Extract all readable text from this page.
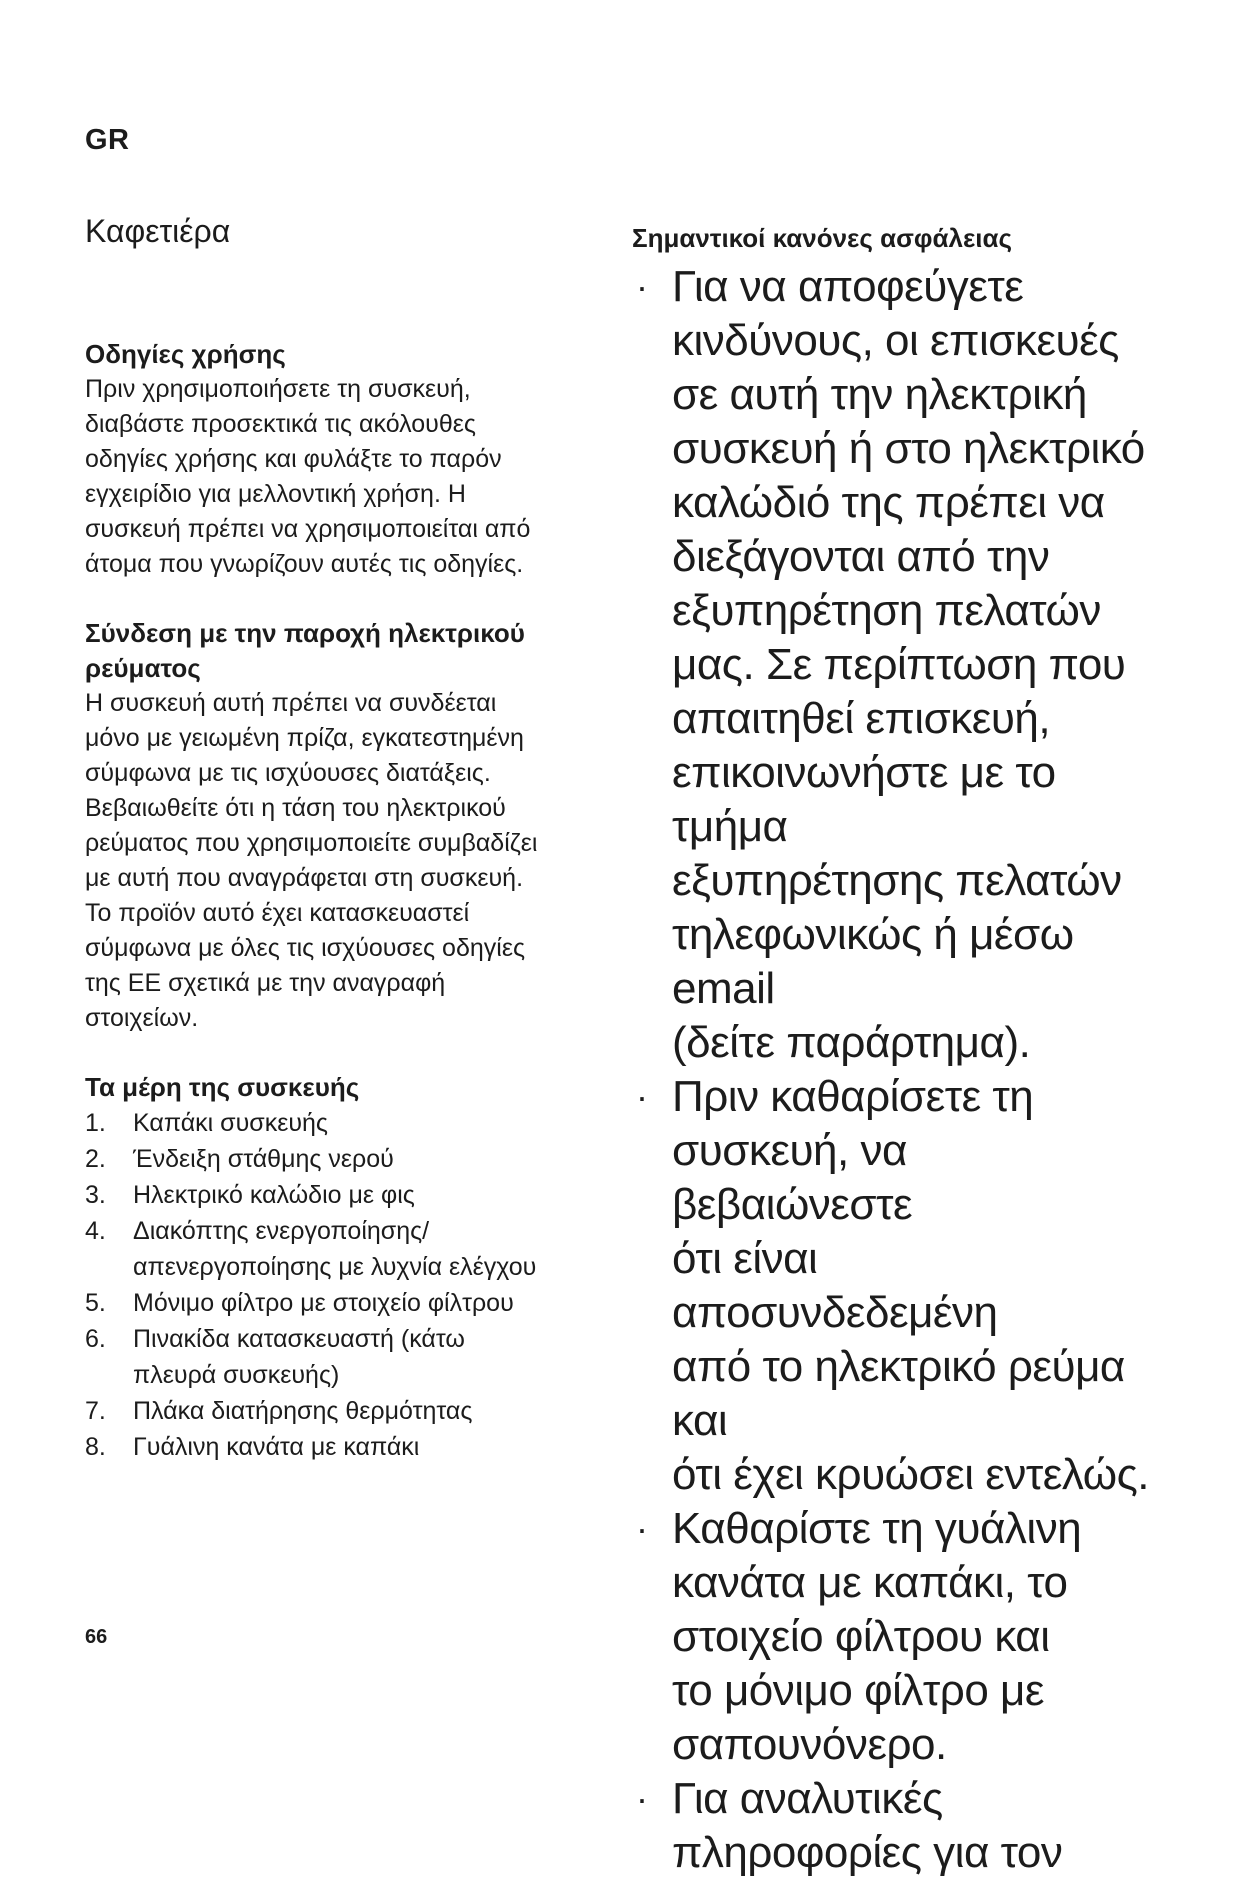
GR
Καφετιέρα
Οδηγίες χρήσης

Πριν χρησιμοποιήσετε τη συσκευή,
διαβάστε προσεκτικά τις ακόλουθες
οδηγίες χρήσης και φυλάξτε το παρόν
εγχειρίδιο για μελλοντική χρήση. Η
συσκευή πρέπει να χρησιμοποιείται από
άτομα που γνωρίζουν αυτές τις οδηγίες.

Σύνδεση με την παροχή ηλεκτρικού
ρεύματος

Η συσκευή αυτή πρέπει να συνδέεται
μόνο με γειωμένη πρίζα, εγκατεστημένη
σύμφωνα με τις ισχύουσες διατάξεις.
Βεβαιωθείτε ότι η τάση του ηλεκτρικού
ρεύματος που χρησιμοποιείτε συμβαδίζει
με αυτή που αναγράφεται στη συσκευή.
Το προϊόν αυτό έχει κατασκευαστεί
σύμφωνα με όλες τις ισχύουσες οδηγίες
της ΕΕ σχετικά με την αναγραφή
στοιχείων.

Τα μέρη της συσκευής
1.	Καπάκι συσκευής
2.	Ένδειξη στάθμης νερού
3.	Ηλεκτρικό καλώδιο με φις
4.	Διακόπτης ενεργοποίησης/
απενεργοποίησης με λυχνία ελέγχου
5.	Μόνιμο φίλτρο με στοιχείο φίλτρου
6.	Πινακίδα κατασκευαστή (κάτω
πλευρά συσκευής)
7.	Πλάκα διατήρησης θερμότητας
8.	Γυάλινη κανάτα με καπάκι
Σημαντικοί κανόνες ασφάλειας
· Για να αποφεύγετε
κινδύνους, οι επισκευές
σε αυτή την ηλεκτρική
συσκευή ή στο ηλεκτρικό
καλώδιό της πρέπει να
διεξάγονται από την
εξυπηρέτηση πελατών
μας. Σε περίπτωση που
απαιτηθεί επισκευή,
επικοινωνήστε με το τμήμα
εξυπηρέτησης πελατών
τηλεφωνικώς ή μέσω email
(δείτε παράρτημα).
· Πριν καθαρίσετε τη
συσκευή, να βεβαιώνεστε
ότι είναι αποσυνδεδεμένη
από το ηλεκτρικό ρεύμα και
ότι έχει κρυώσει εντελώς.
· Καθαρίστε τη γυάλινη
κανάτα με καπάκι, το
στοιχείο φίλτρου και
το μόνιμο φίλτρο με
σαπουνόνερο.
· Για αναλυτικές
πληροφορίες για τον
66
